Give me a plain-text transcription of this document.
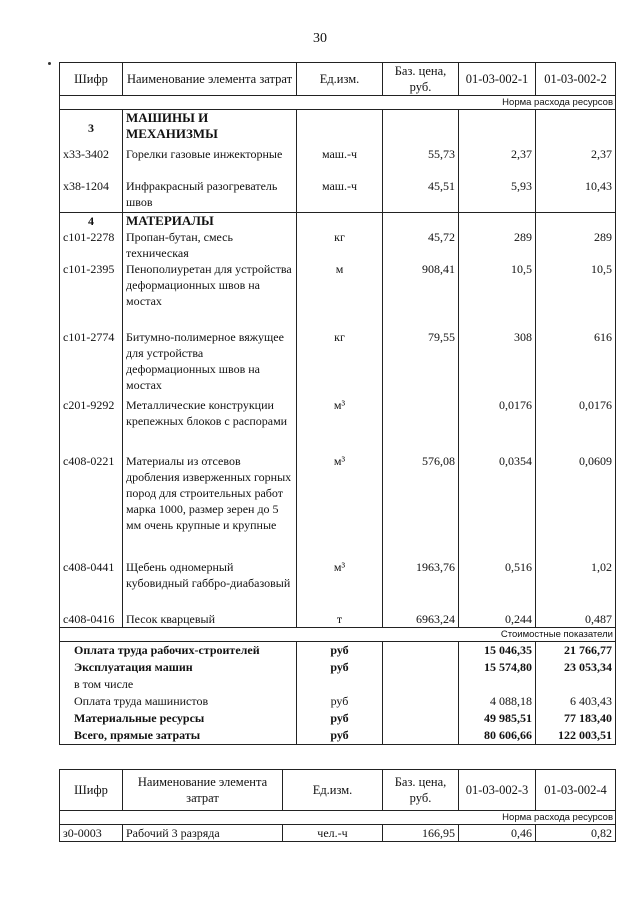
30
Шифр	Наименование элемента затрат	Ед.изм.	Баз. цена, руб.	01-03-002-1	01-03-002-2
Норма расхода ресурсов					
3	МАШИНЫ И МЕХАНИЗМЫ				
x33-3402	Горелки газовые инжекторные	маш.-ч	55,73	2,37	2,37
x38-1204	Инфракрасный разогреватель швов	маш.-ч	45,51	5,93	10,43
4	МАТЕРИАЛЫ				
c101-2278	Пропан-бутан, смесь техническая	кг	45,72	289	289
c101-2395	Пенополиуретан для устройства деформационных швов на мостах	м	908,41	10,5	10,5
c101-2774	Битумно-полимерное вяжущее для устройства деформационных швов на мостах	кг	79,55	308	616
c201-9292	Металлические конструкции крепежных блоков с распорами	м³		0,0176	0,0176
c408-0221	Материалы из отсевов дробления изверженных горных пород для строительных работ марка 1000, размер зерен до 5 мм очень крупные и крупные	м³	576,08	0,0354	0,0609
c408-0441	Щебень одномерный кубовидный габбро-диабазовый	м³	1963,76	0,516	1,02
c408-0416	Песок кварцевый	т	6963,24	0,244	0,487
Стоимостные показатели					
Оплата труда рабочих-строителей		руб		15 046,35	21 766,77
Эксплуатация машин		руб		15 574,80	23 053,34
в том числе					
Оплата труда машинистов		руб		4 088,18	6 403,43
Материальные ресурсы		руб		49 985,51	77 183,40
Всего, прямые затраты		руб		80 606,66	122 003,51
Шифр	Наименование элемента затрат	Ед.изм.	Баз. цена, руб.	01-03-002-3	01-03-002-4
Норма расхода ресурсов					
з0-0003	Рабочий 3 разряда	чел.-ч	166,95	0,46	0,82
